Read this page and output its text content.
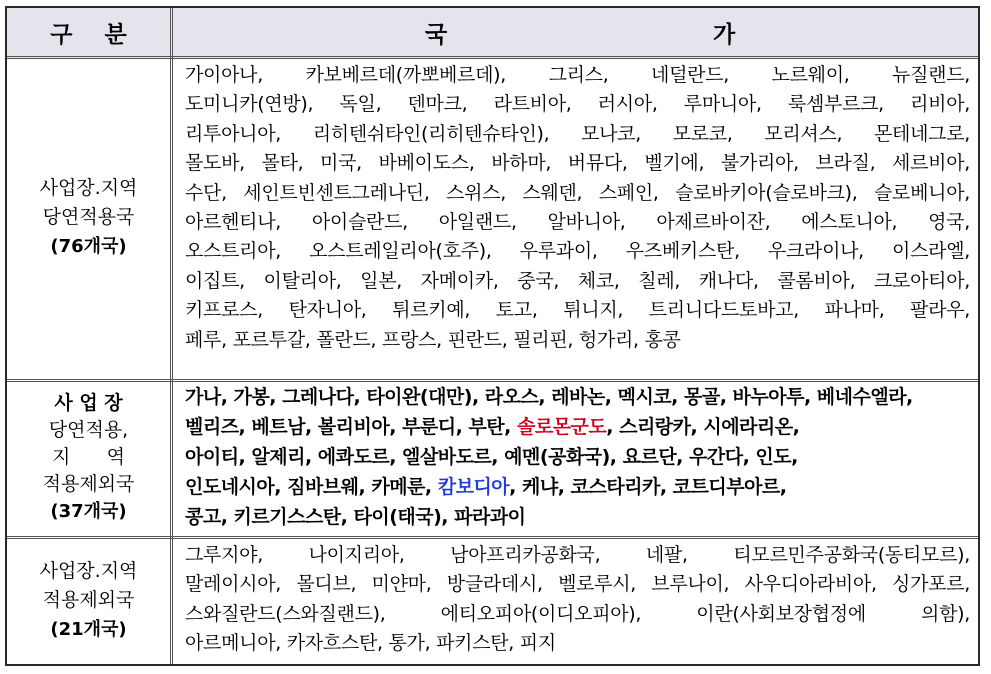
구    분	국	가
사업장.지역
당연적용국
(76개국)
가이아나, 카보베르데(까뽀베르데), 그리스, 네덜란드, 노르웨이, 뉴질랜드,
도미니카(연방), 독일, 덴마크, 라트비아, 러시아, 루마니아, 룩셈부르크, 리비아,
리투아니아, 리히텐쉬타인(리히텐슈타인), 모나코, 모로코, 모리셔스, 몬테네그로,
몰도바, 몰타, 미국, 바베이도스, 바하마, 버뮤다, 벨기에, 불가리아, 브라질, 세르비아,
수단, 세인트빈센트그레나딘, 스위스, 스웨덴, 스페인, 슬로바키아(슬로바크), 슬로베니아,
아르헨티나, 아이슬란드, 아일랜드, 알바니아, 아제르바이잔, 에스토니아, 영국,
오스트리아, 오스트레일리아(호주), 우루과이, 우즈베키스탄, 우크라이나, 이스라엘,
이집트, 이탈리아, 일본, 자메이카, 중국, 체코, 칠레, 캐나다, 콜롬비아, 크로아티아,
키프로스, 탄자니아, 튀르키예, 토고, 튀니지, 트리니다드토바고, 파나마, 팔라우,
페루, 포르투갈, 폴란드, 프랑스, 핀란드, 필리핀, 헝가리, 홍콩
사 업 장
당연적용,
지      역
적용제외국
(37개국)
가나, 가봉, 그레나다, 타이완(대만), 라오스, 레바논, 멕시코, 몽골, 바누아투, 베네수엘라,
벨리즈, 베트남, 볼리비아, 부룬디, 부탄, 솔로몬군도, 스리랑카, 시에라리온,
아이티, 알제리, 에콰도르, 엘살바도르, 예멘(공화국), 요르단, 우간다, 인도,
인도네시아, 짐바브웨, 카메룬, 캄보디아, 케냐, 코스타리카, 코트디부아르,
콩고, 키르기스스탄, 타이(태국), 파라과이
사업장.지역
적용제외국
(21개국)
그루지야, 나이지리아, 남아프리카공화국, 네팔, 티모르민주공화국(동티모르),
말레이시아, 몰디브, 미얀마, 방글라데시, 벨로루시, 브루나이, 사우디아라비아, 싱가포르,
스와질란드(스와질랜드), 에티오피아(이디오피아), 이란(사회보장협정에 의함),
아르메니아, 카자흐스탄, 통가, 파키스탄, 피지
